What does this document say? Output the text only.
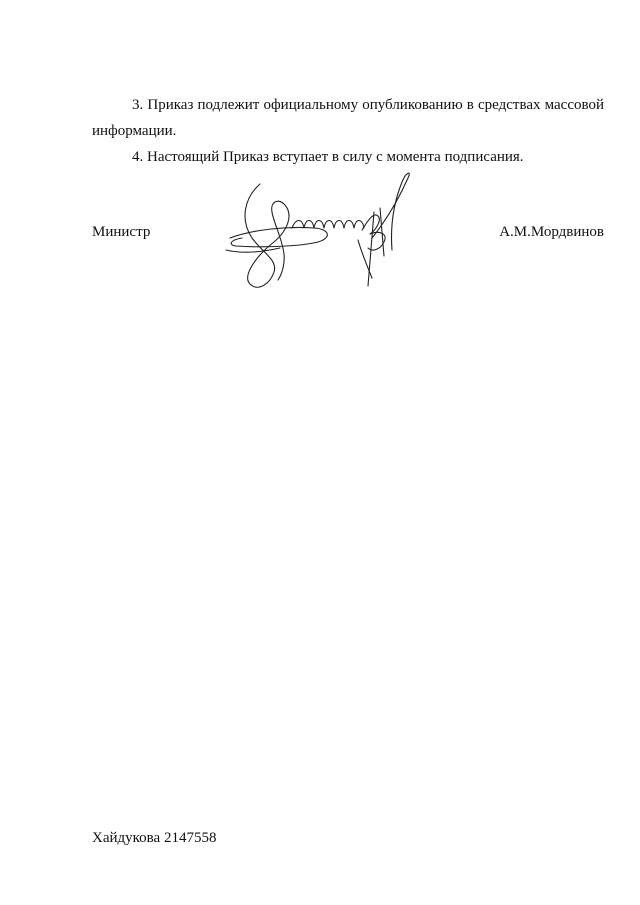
3. Приказ подлежит официальному опубликованию в средствах массовой информации.
4. Настоящий Приказ вступает в силу с момента подписания.
Министр	А.М.Мордвинов
Хайдукова 2147558
